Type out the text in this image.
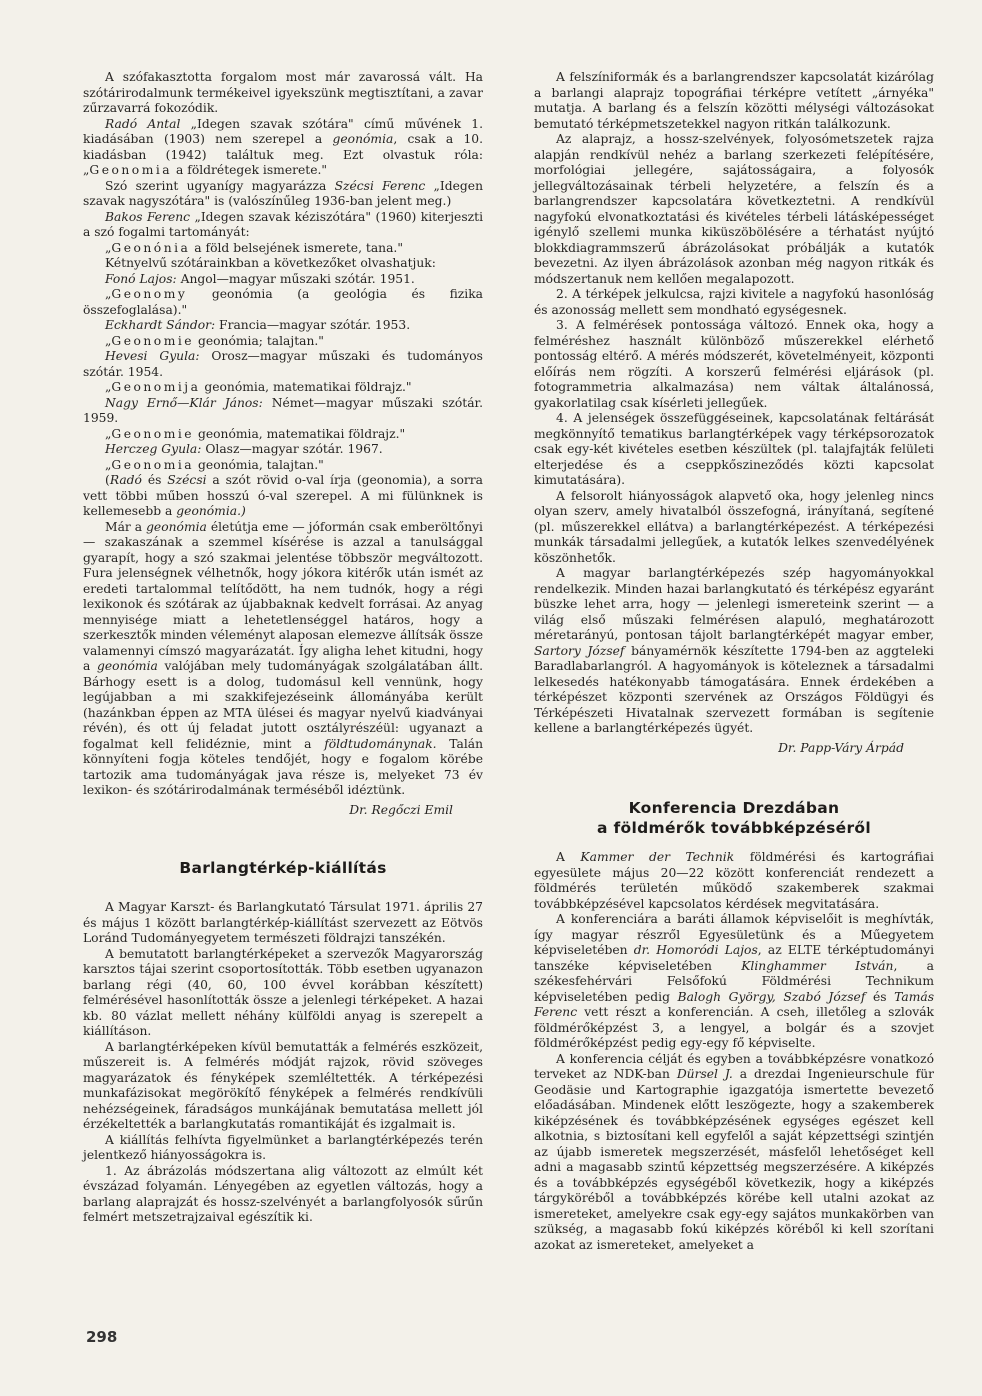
A szófakasztotta forgalom most már zavarossá vált. Ha szótárirodalmunk termékeivel igyekszünk megtisztítani, a zavar zűrzavarrá fokozódik.

Radó Antal „Idegen szavak szótára" című művének 1. kiadásában (1903) nem szerepel a geonómia, csak a 10. kiadásban (1942) találtuk meg. Ezt olvastuk róla: „Geonomia a földrétegek ismerete."

Szó szerint ugyanígy magyarázza Szécsi Ferenc „Idegen szavak nagyszótára" is (valószínűleg 1936-ban jelent meg.)

Bakos Ferenc „Idegen szavak kéziszótára" (1960) kiterjeszti a szó fogalmi tartományát:

„Geonónia a föld belsejének ismerete, tana."

Kétnyelvű szótárainkban a következőket olvashatjuk:

Fonó Lajos: Angol—magyar műszaki szótár. 1951.

„Geonomy geonómia (a geológia és fizika összefoglalása)."

Eckhardt Sándor: Francia—magyar szótár. 1953.

„Geonomie geonómia; talajtan."

Hevesi Gyula: Orosz—magyar műszaki és tudományos szótár. 1954.

„Geonomija geonómia, matematikai földrajz."

Nagy Ernő—Klár János: Német—magyar műszaki szótár. 1959.

„Geonomie geonómia, matematikai földrajz."

Herczeg Gyula: Olasz—magyar szótár. 1967.

„Geonomia geonómia, talajtan."

(Radó és Szécsi a szót rövid o-val írja (geonomia), a sorra vett többi műben hosszú ó-val szerepel. A mi fülünknek is kellemesebb a geonómia.)

Már a geonómia életútja eme — jóformán csak emberöltőnyi — szakaszának a szemmel kísérése is azzal a tanulsággal gyarapít, hogy a szó szakmai jelentése többször megváltozott. Fura jelenségnek vélhetnők, hogy jókora kitérők után ismét az eredeti tartalommal telítődött, ha nem tudnók, hogy a régi lexikonok és szótárak az újabbaknak kedvelt forrásai. Az anyag mennyisége miatt a lehetetlenséggel határos, hogy a szerkesztők minden véleményt alaposan elemezve állítsák össze valamennyi címszó magyarázatát. Így aligha lehet kitudni, hogy a geonómia valójában mely tudományágak szolgálatában állt. Bárhogy esett is a dolog, tudomásul kell vennünk, hogy legújabban a mi szakkifejezéseink állományába került (hazánkban éppen az MTA ülései és magyar nyelvű kiadványai révén), és ott új feladat jutott osztályrészéül: ugyanazt a fogalmat kell felidéznie, mint a földtudománynak. Talán könnyíteni fogja köteles tendőjét, hogy e fogalom körébe tartozik ama tudományágak java része is, melyeket 73 év lexikon- és szótárirodalmának terméséből idéztünk.

Dr. Regőczi Emil

Barlangtérkép-kiállítás

A Magyar Karszt- és Barlangkutató Társulat 1971. április 27 és május 1 között barlangtérkép-kiállítást szervezett az Eötvös Loránd Tudományegyetem természeti földrajzi tanszékén.

A bemutatott barlangtérképeket a szervezők Magyarország karsztos tájai szerint csoportosították. Több esetben ugyanazon barlang régi (40, 60, 100 évvel korábban készített) felmérésével hasonlították össze a jelenlegi térképeket. A hazai kb. 80 vázlat mellett néhány külföldi anyag is szerepelt a kiállításon.

A barlangtérképeken kívül bemutatták a felmérés eszközeit, műszereit is. A felmérés módját rajzok, rövid szöveges magyarázatok és fényképek szemléltették. A térképezési munkafázisokat megörökítő fényképek a felmérés rendkívüli nehézségeinek, fáradságos munkájának bemutatása mellett jól érzékeltették a barlangkutatás romantikáját és izgalmait is.

A kiállítás felhívta figyelmünket a barlangtérképezés terén jelentkező hiányosságokra is.

1. Az ábrázolás módszertana alig változott az elmúlt két évszázad folyamán. Lényegében az egyetlen változás, hogy a barlang alaprajzát és hossz-szelvényét a barlangfolyosók sűrűn felmért metszetrajzaival egészítik ki.

A felszíniformák és a barlangrendszer kapcsolatát kizárólag a barlangi alaprajz topográfiai térképre vetített „árnyéka" mutatja. A barlang és a felszín közötti mélységi változásokat bemutató térképmetszetekkel nagyon ritkán találkozunk.

Az alaprajz, a hossz-szelvények, folyosómetszetek rajza alapján rendkívül nehéz a barlang szerkezeti felépítésére, morfológiai jellegére, sajátosságaira, a folyosók jellegváltozásainak térbeli helyzetére, a felszín és a barlangrendszer kapcsolatára következtetni. A rendkívül nagyfokú elvonatkoztatási és kivételes térbeli látásképességet igénylő szellemi munka kiküszöbölésére a térhatást nyújtó blokkdiagrammszerű ábrázolásokat próbálják a kutatók bevezetni. Az ilyen ábrázolások azonban még nagyon ritkák és módszertanuk nem kellően megalapozott.

2. A térképek jelkulcsa, rajzi kivitele a nagyfokú hasonlóság és azonosság mellett sem mondható egységesnek.

3. A felmérések pontossága változó. Ennek oka, hogy a felméréshez használt különböző műszerekkel elérhető pontosság eltérő. A mérés módszerét, követelményeit, központi előírás nem rögzíti. A korszerű felmérési eljárások (pl. fotogrammetria alkalmazása) nem váltak általánossá, gyakorlatilag csak kísérleti jellegűek.

4. A jelenségek összefüggéseinek, kapcsolatának feltárását megkönnyítő tematikus barlangtérképek vagy térképsorozatok csak egy-két kivételes esetben készültek (pl. talajfajták felületi elterjedése és a cseppkőszineződés közti kapcsolat kimutatására).

A felsorolt hiányosságok alapvető oka, hogy jelenleg nincs olyan szerv, amely hivatalból összefogná, irányítaná, segítené (pl. műszerekkel ellátva) a barlangtérképezést. A térképezési munkák társadalmi jellegűek, a kutatók lelkes szenvedélyének köszönhetők.

A magyar barlangtérképezés szép hagyományokkal rendelkezik. Minden hazai barlangkutató és térképész egyaránt büszke lehet arra, hogy — jelenlegi ismereteink szerint — a világ első műszaki felmérésen alapuló, meghatározott méretarányú, pontosan tájolt barlangtérképét magyar ember, Sartory József bányamérnök készítette 1794-ben az aggteleki Baradlabarlangról. A hagyományok is köteleznek a társadalmi lelkesedés hatékonyabb támogatására. Ennek érdekében a térképészet központi szervének az Országos Földügyi és Térképészeti Hivatalnak szervezett formában is segítenie kellene a barlangtérképezés ügyét.

Dr. Papp-Váry Árpád

Konferencia Drezdában
a földmérők továbbképzéséről

A Kammer der Technik földmérési és kartográfiai egyesülete május 20—22 között konferenciát rendezett a földmérés területén működő szakemberek szakmai továbbképzésével kapcsolatos kérdések megvitatására.

A konferenciára a baráti államok képviselőit is meghívták, így magyar részről Egyesületünk és a Műegyetem képviseletében dr. Homoródi Lajos, az ELTE térképtudományi tanszéke képviseletében Klinghammer István, a székesfehérvári Felsőfokú Földmérési Technikum képviseletében pedig Balogh György, Szabó József és Tamás Ferenc vett részt a konferencián. A cseh, illetőleg a szlovák földmérőképzést 3, a lengyel, a bolgár és a szovjet földmérőképzést pedig egy-egy fő képviselte.

A konferencia célját és egyben a továbbképzésre vonatkozó terveket az NDK-ban Dürsel J. a drezdai Ingenieurschule für Geodäsie und Kartographie igazgatója ismertette bevezető előadásában. Mindenek előtt leszögezte, hogy a szakemberek kiképzésének és továbbképzésének egységes egészet kell alkotnia, s biztosítani kell egyfelől a saját képzettségi szintjén az újabb ismeretek megszerzését, másfelől lehetőséget kell adni a magasabb szintű képzettség megszerzésére. A kiképzés és a továbbképzés egységéből következik, hogy a kiképzés tárgyköréből a továbbképzés körébe kell utalni azokat az ismereteket, amelyekre csak egy-egy sajátos munkakörben van szükség, a magasabb fokú kiképzés köréből ki kell szorítani azokat az ismereteket, amelyeket a

298
